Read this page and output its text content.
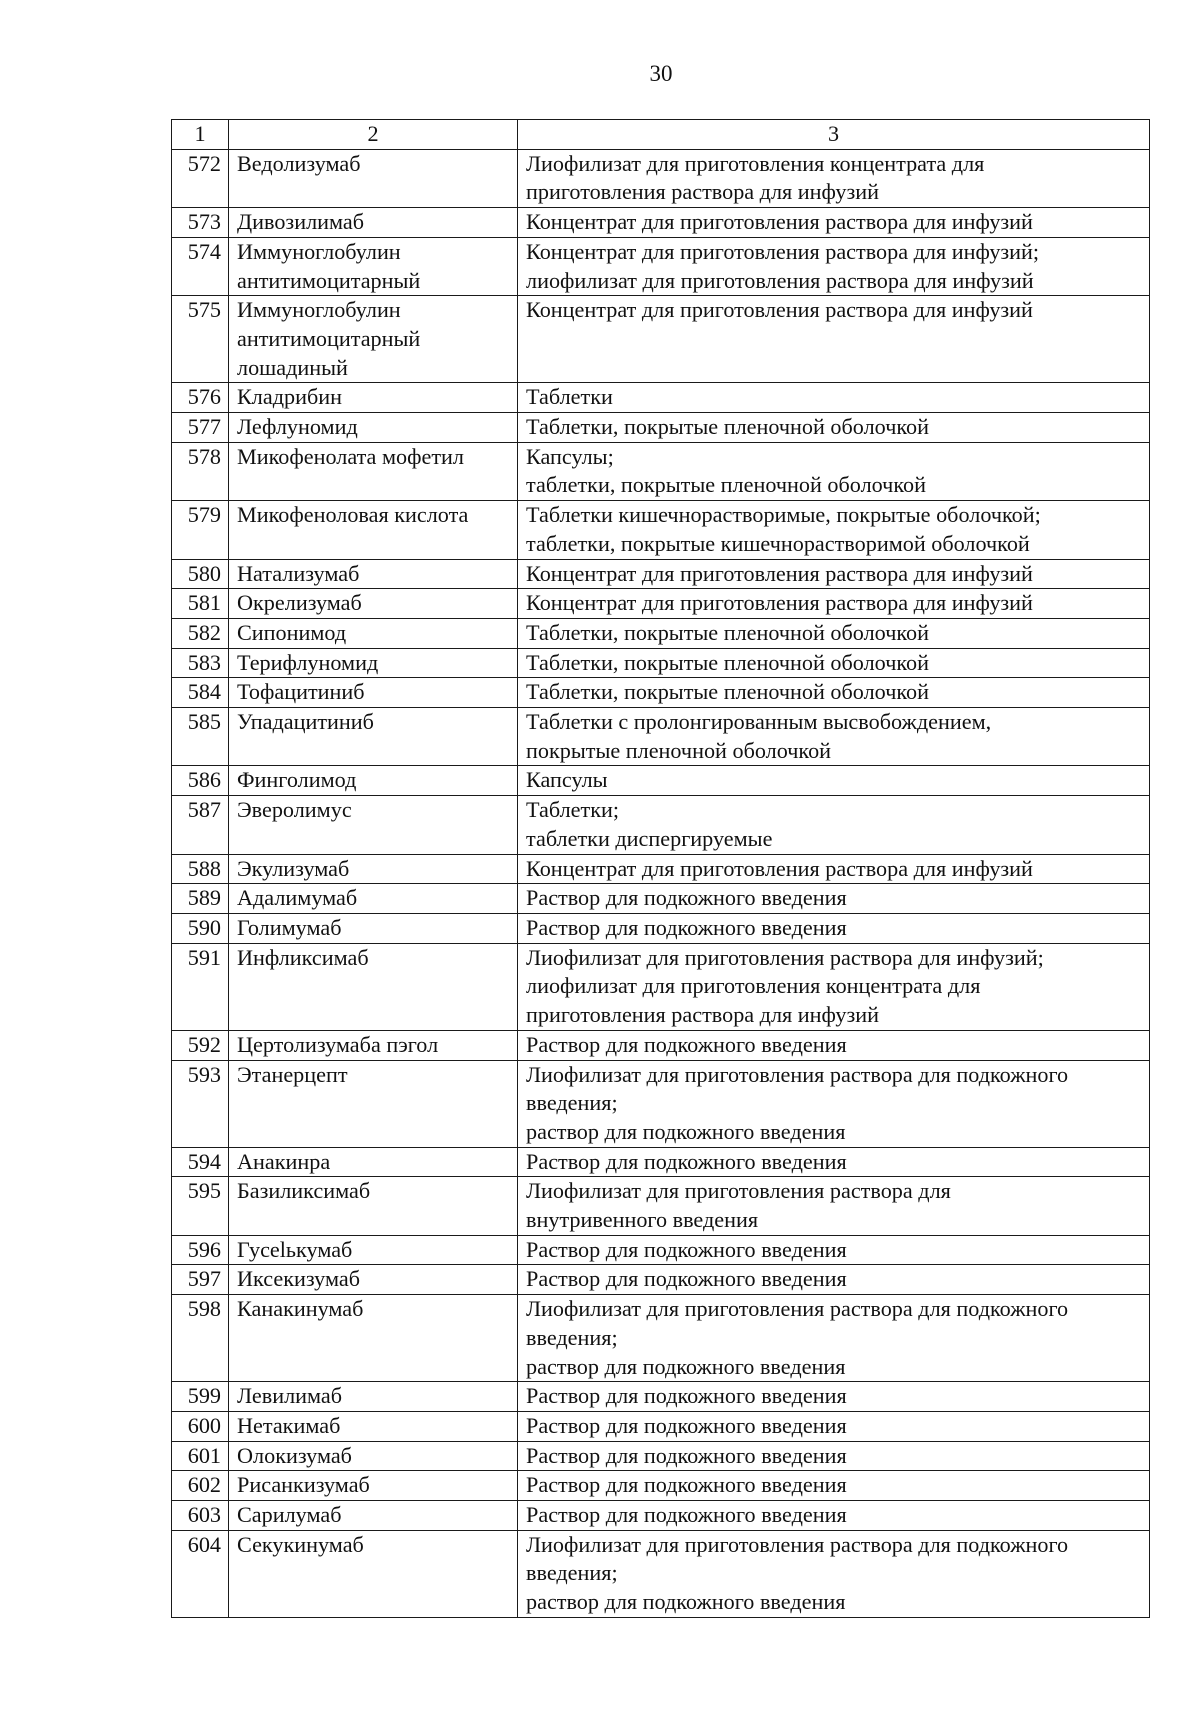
30
1	2	3
572	Ведолизумаб	Лиофилизат для приготовления концентрата для
приготовления раствора для инфузий

573	Дивозилимаб	Концентрат для приготовления раствора для инфузий

574	Иммуноглобулин
антитимоцитарный	Концентрат для приготовления раствора для инфузий;
лиофилизат для приготовления раствора для инфузий

575	Иммуноглобулин
антитимоцитарный
лошадиный	Концентрат для приготовления раствора для инфузий

576	Кладрибин	Таблетки

577	Лефлуномид	Таблетки, покрытые пленочной оболочкой

578	Микофенолата мофетил	Капсулы;
таблетки, покрытые пленочной оболочкой

579	Микофеноловая кислота	Таблетки кишечнорастворимые, покрытые оболочкой;
таблетки, покрытые кишечнорастворимой оболочкой

580	Натализумаб	Концентрат для приготовления раствора для инфузий

581	Окрелизумаб	Концентрат для приготовления раствора для инфузий

582	Сипонимод	Таблетки, покрытые пленочной оболочкой

583	Терифлуномид	Таблетки, покрытые пленочной оболочкой

584	Тофацитиниб	Таблетки, покрытые пленочной оболочкой

585	Упадацитиниб	Таблетки с пролонгированным высвобождением,
покрытые пленочной оболочкой

586	Финголимод	Капсулы

587	Эверолимус	Таблетки;
таблетки диспергируемые

588	Экулизумаб	Концентрат для приготовления раствора для инфузий

589	Адалимумаб	Раствор для подкожного введения

590	Голимумаб	Раствор для подкожного введения

591	Инфликсимаб	Лиофилизат для приготовления раствора для инфузий;
лиофилизат для приготовления концентрата для
приготовления раствора для инфузий

592	Цертолизумаба пэгол	Раствор для подкожного введения

593	Этанерцепт	Лиофилизат для приготовления раствора для подкожного
введения;
раствор для подкожного введения

594	Анакинра	Раствор для подкожного введения

595	Базиликсимаб	Лиофилизат для приготовления раствора для
внутривенного введения

596	Гусelькумаб	Раствор для подкожного введения

597	Иксекизумаб	Раствор для подкожного введения

598	Канакинумаб	Лиофилизат для приготовления раствора для подкожного
введения;
раствор для подкожного введения

599	Левилимаб	Раствор для подкожного введения

600	Нетакимаб	Раствор для подкожного введения

601	Олокизумаб	Раствор для подкожного введения

602	Рисанкизумаб	Раствор для подкожного введения

603	Сарилумаб	Раствор для подкожного введения

604	Секукинумаб	Лиофилизат для приготовления раствора для подкожного
введения;
раствор для подкожного введения
